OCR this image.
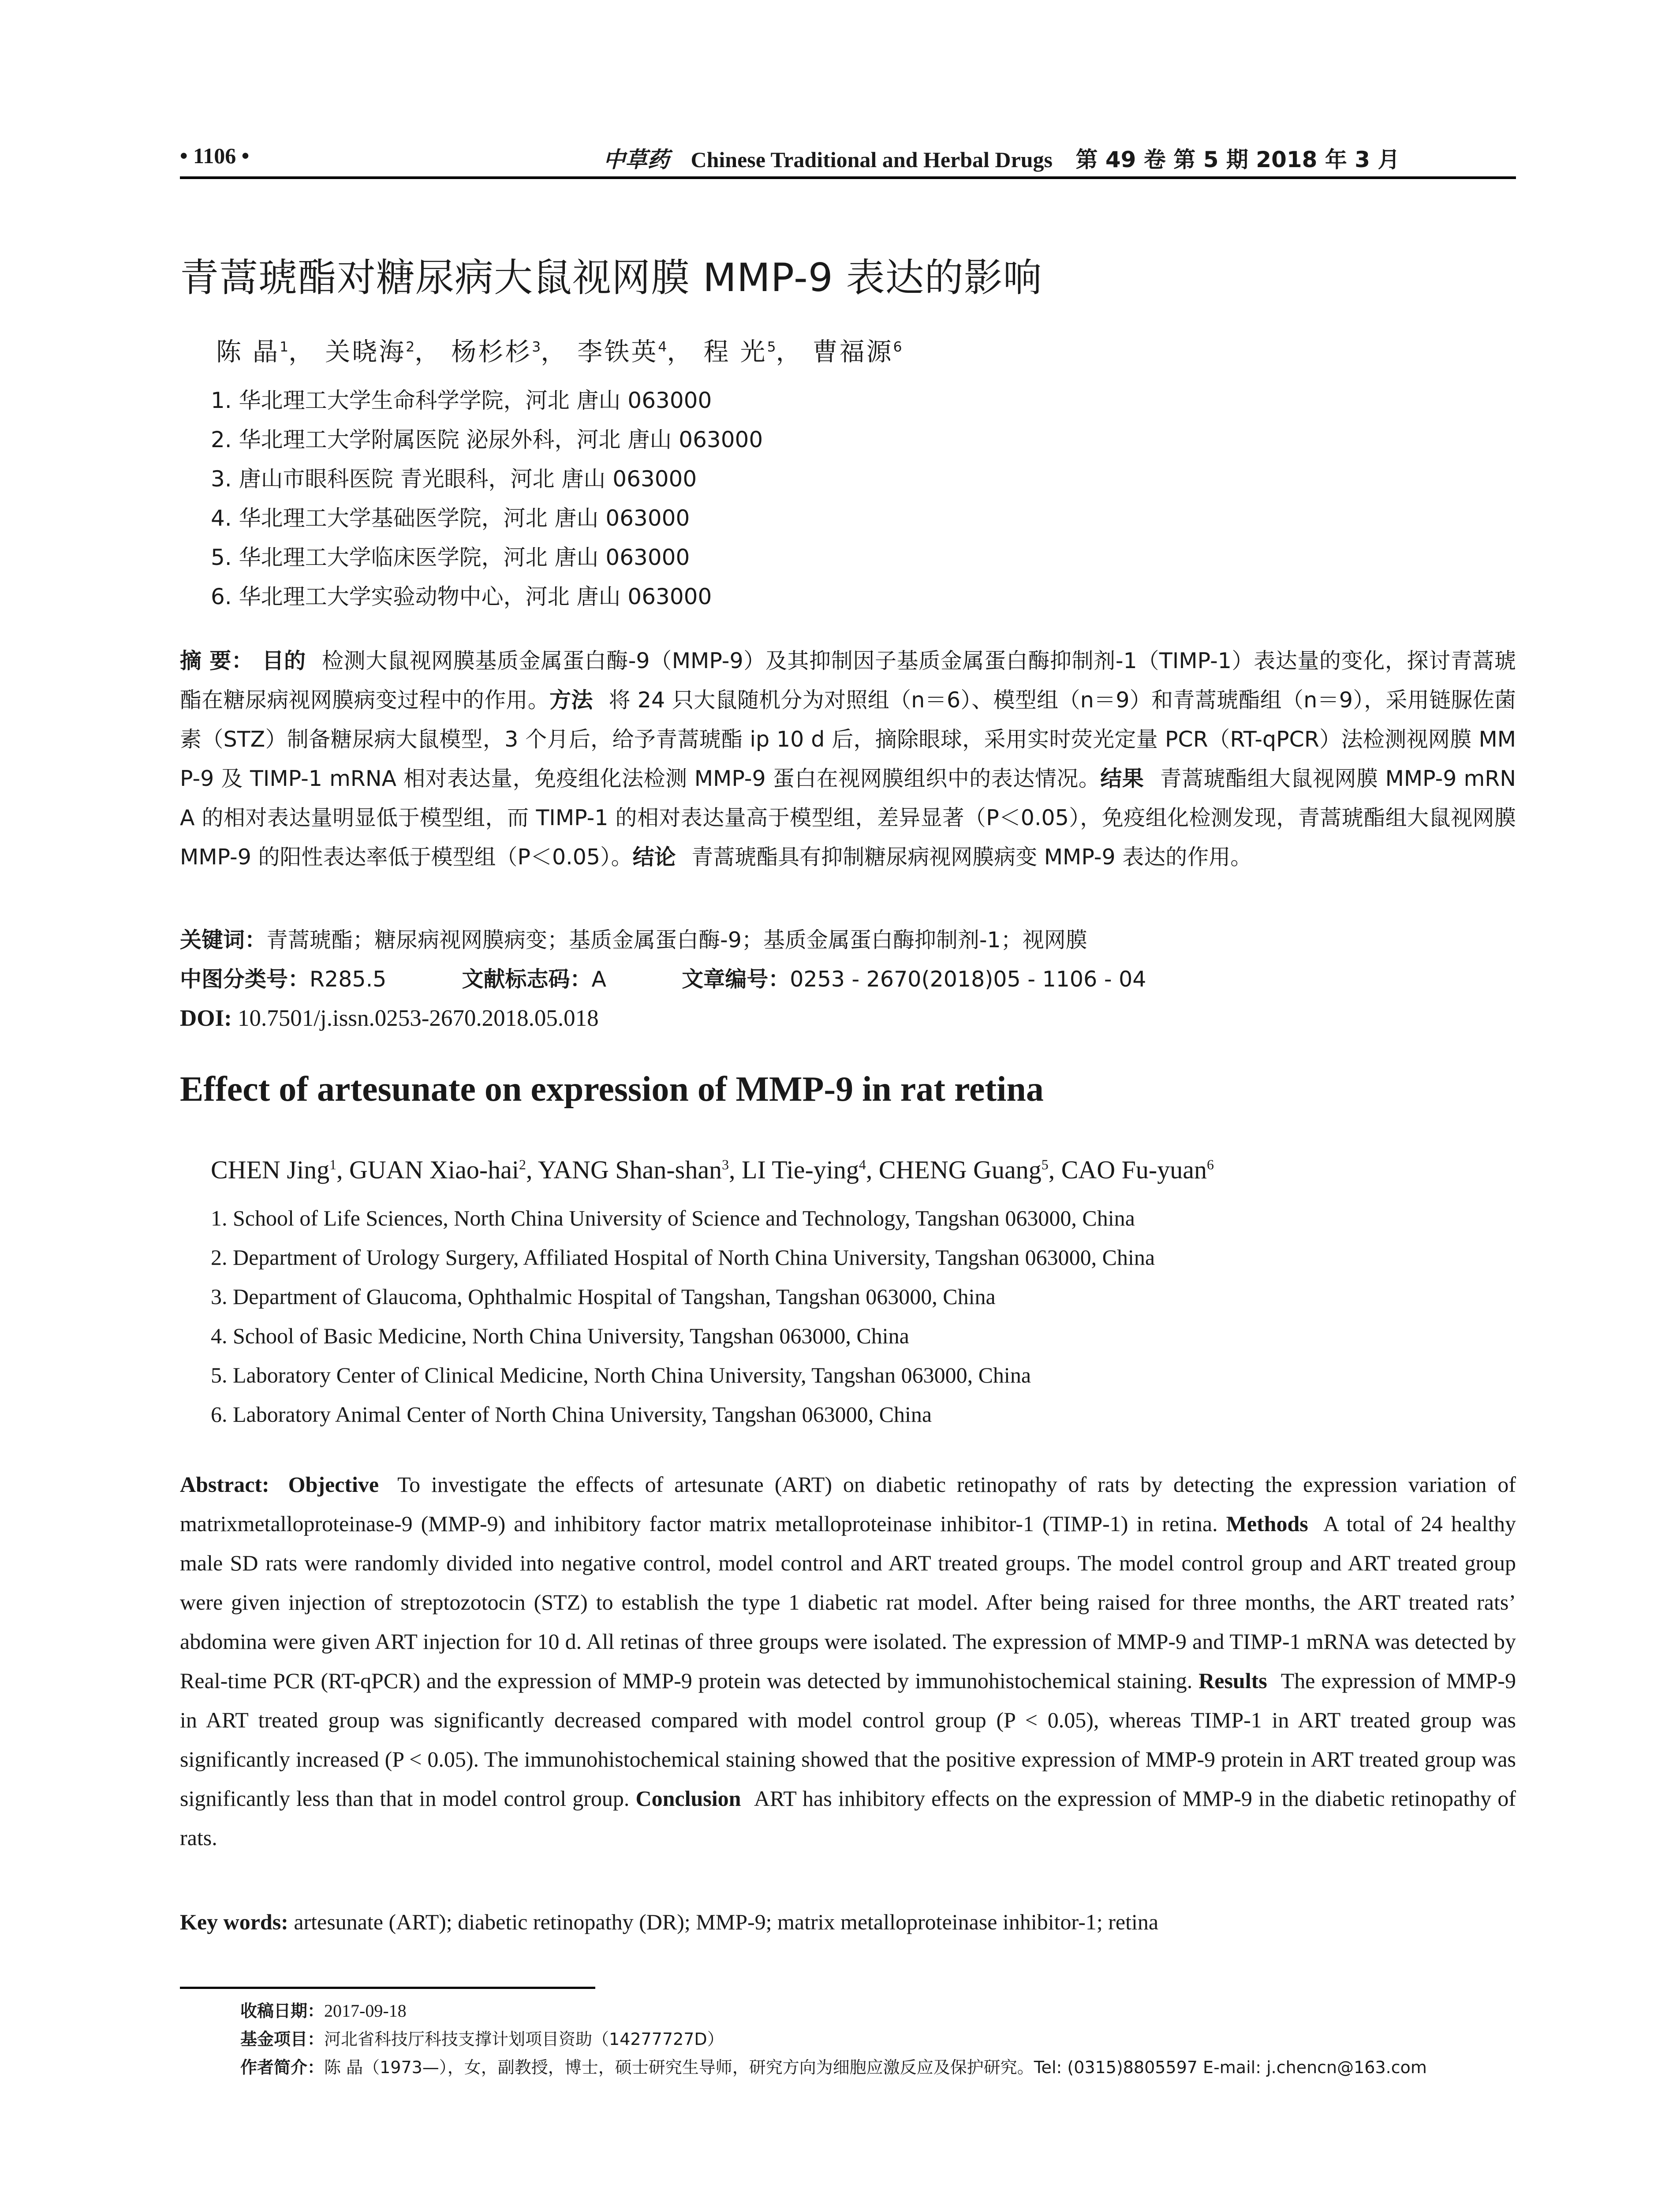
• 1106 •	中草药 Chinese Traditional and Herbal Drugs 第 49 卷 第 5 期 2018 年 3 月
青蒿琥酯对糖尿病大鼠视网膜 MMP-9 表达的影响
陈 晶$^1$， 关晓海$^2$， 杨杉杉$^3$， 李铁英$^4$， 程 光$^5$， 曹福源$^6$
1. 华北理工大学生命科学学院，河北 唐山 063000
2. 华北理工大学附属医院 泌尿外科，河北 唐山 063000
3. 唐山市眼科医院 青光眼科，河北 唐山 063000
4. 华北理工大学基础医学院，河北 唐山 063000
5. 华北理工大学临床医学院，河北 唐山 063000
6. 华北理工大学实验动物中心，河北 唐山 063000
摘 要： 目的 检测大鼠视网膜基质金属蛋白酶-9（MMP-9）及其抑制因子基质金属蛋白酶抑制剂-1（TIMP-1）表达量的变化，探讨青蒿琥酯在糖尿病视网膜病变过程中的作用。方法 将 24 只大鼠随机分为对照组（n＝6）、模型组（n＝9）和青蒿琥酯组（n＝9），采用链脲佐菌素（STZ）制备糖尿病大鼠模型，3 个月后，给予青蒿琥酯 ip 10 d 后，摘除眼球，采用实时荧光定量 PCR（RT-qPCR）法检测视网膜 MMP-9 及 TIMP-1 mRNA 相对表达量，免疫组化法检测 MMP-9 蛋白在视网膜组织中的表达情况。结果 青蒿琥酯组大鼠视网膜 MMP-9 mRNA 的相对表达量明显低于模型组，而 TIMP-1 的相对表达量高于模型组，差异显著（P＜0.05），免疫组化检测发现，青蒿琥酯组大鼠视网膜 MMP-9 的阳性表达率低于模型组（P＜0.05）。结论 青蒿琥酯具有抑制糖尿病视网膜病变 MMP-9 表达的作用。
关键词：青蒿琥酯；糖尿病视网膜病变；基质金属蛋白酶-9；基质金属蛋白酶抑制剂-1；视网膜
中图分类号：R285.5	文献标志码：A	文章编号：0253 - 2670(2018)05 - 1106 - 04
DOI: 10.7501/j.issn.0253-2670.2018.05.018
Effect of artesunate on expression of MMP-9 in rat retina
CHEN Jing$^1$, GUAN Xiao-hai$^2$, YANG Shan-shan$^3$, LI Tie-ying$^4$, CHENG Guang$^5$, CAO Fu-yuan$^6$
1. School of Life Sciences, North China University of Science and Technology, Tangshan 063000, China
2. Department of Urology Surgery, Affiliated Hospital of North China University, Tangshan 063000, China
3. Department of Glaucoma, Ophthalmic Hospital of Tangshan, Tangshan 063000, China
4. School of Basic Medicine, North China University, Tangshan 063000, China
5. Laboratory Center of Clinical Medicine, North China University, Tangshan 063000, China
6. Laboratory Animal Center of North China University, Tangshan 063000, China
Abstract: Objective To investigate the effects of artesunate (ART) on diabetic retinopathy of rats by detecting the expression variation of matrixmetalloproteinase-9 (MMP-9) and inhibitory factor matrix metalloproteinase inhibitor-1 (TIMP-1) in retina. Methods A total of 24 healthy male SD rats were randomly divided into negative control, model control and ART treated groups. The model control group and ART treated group were given injection of streptozotocin (STZ) to establish the type 1 diabetic rat model. After being raised for three months, the ART treated rats’ abdomina were given ART injection for 10 d. All retinas of three groups were isolated. The expression of MMP-9 and TIMP-1 mRNA was detected by Real-time PCR (RT-qPCR) and the expression of MMP-9 protein was detected by immunohistochemical staining. Results The expression of MMP-9 in ART treated group was significantly decreased compared with model control group (P < 0.05), whereas TIMP-1 in ART treated group was significantly increased (P < 0.05). The immunohistochemical staining showed that the positive expression of MMP-9 protein in ART treated group was significantly less than that in model control group. Conclusion ART has inhibitory effects on the expression of MMP-9 in the diabetic retinopathy of rats.
Key words: artesunate (ART); diabetic retinopathy (DR); MMP-9; matrix metalloproteinase inhibitor-1; retina
收稿日期：2017-09-18
基金项目：河北省科技厅科技支撑计划项目资助（14277727D）
作者简介：陈 晶（1973—），女，副教授，博士，硕士研究生导师，研究方向为细胞应激反应及保护研究。Tel: (0315)8805597 E-mail: j.chencn@163.com
